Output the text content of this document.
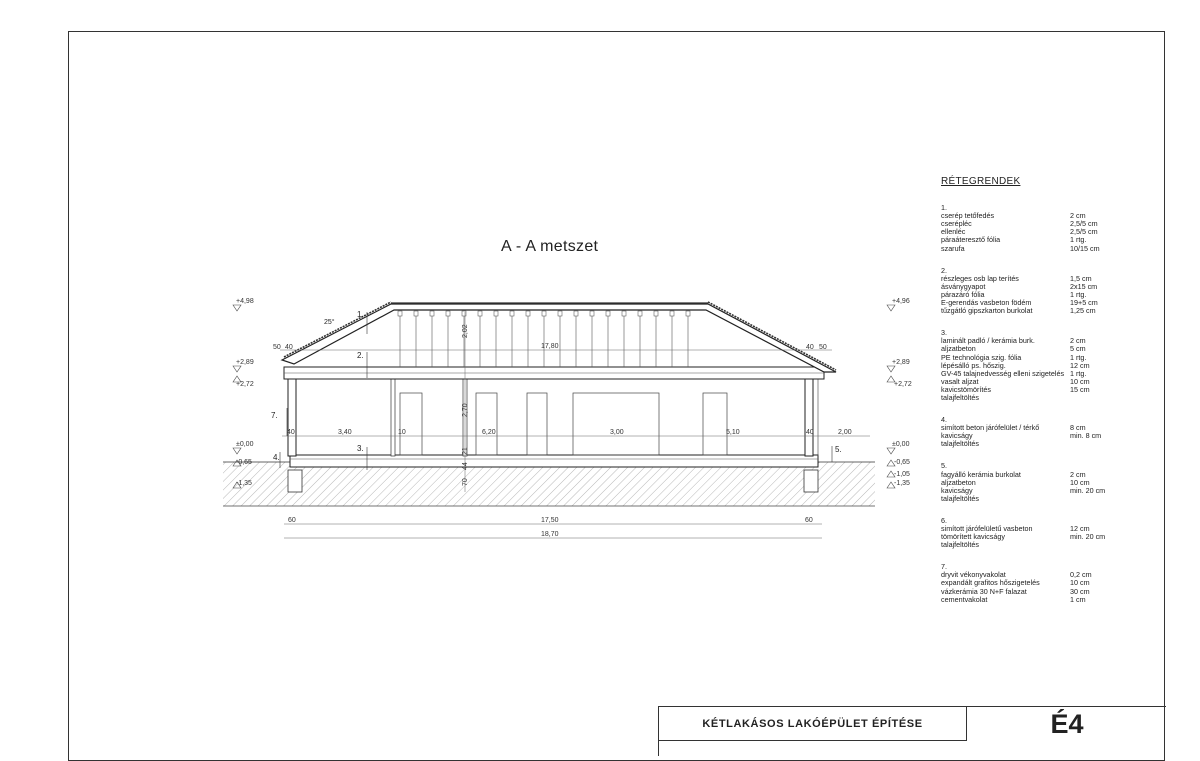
A - A metszet
+4,98
+2,89
+2,72
±0,00
-0,65
-1,35
+4,96
+2,89
+2,72
±0,00
-0,65
-1,05
-1,35
1.
2.
3.
4.
5.
7.
25°
50 40	17,80	40 50
2,02
2,70
21
70
44
40	3,40	10	6,20	3,00	5,10	40	2,00
60	17,50	60
18,70
RÉTEGRENDEK
1.
cserép tetőfedés	2 cm
cserépléc	2,5/5 cm
ellenléc	2,5/5 cm
páraáteresztő fólia	1 rtg.
szarufa	10/15 cm
2.
részleges osb lap terítés	1,5 cm
ásványgyapot	2x15 cm
párazáró fólia	1 rtg.
E-gerendás vasbeton födém	19+5 cm
tűzgátló gipszkarton burkolat	1,25 cm
3.
laminált padló / kerámia burk.	2 cm
aljzatbeton	5 cm
PE technológia szig. fólia	1 rtg.
lépésálló ps. hőszig.	12 cm
GV-45 talajnedvesség elleni szigetelés 1 rtg.
vasalt aljzat	10 cm
kavicstömörítés	15 cm
talajfeltöltés
4.
simított beton járófelület / térkő	8 cm
kavicságy	min. 8 cm
talajfeltöltés
5.
fagyálló kerámia burkolat	2 cm
aljzatbeton	10 cm
kavicságy	min. 20 cm
talajfeltöltés
6.
simított járófelületű vasbeton	12 cm
tömörített kavicságy	min. 20 cm
talajfeltöltés
7.
dryvit vékonyvakolat	0,2 cm
expandált grafitos hőszigetelés	10 cm
vázkerámia 30 N+F falazat	30 cm
cementvakolat	1 cm
KÉTLAKÁSOS LAKÓÉPÜLET ÉPÍTÉSE	É4
